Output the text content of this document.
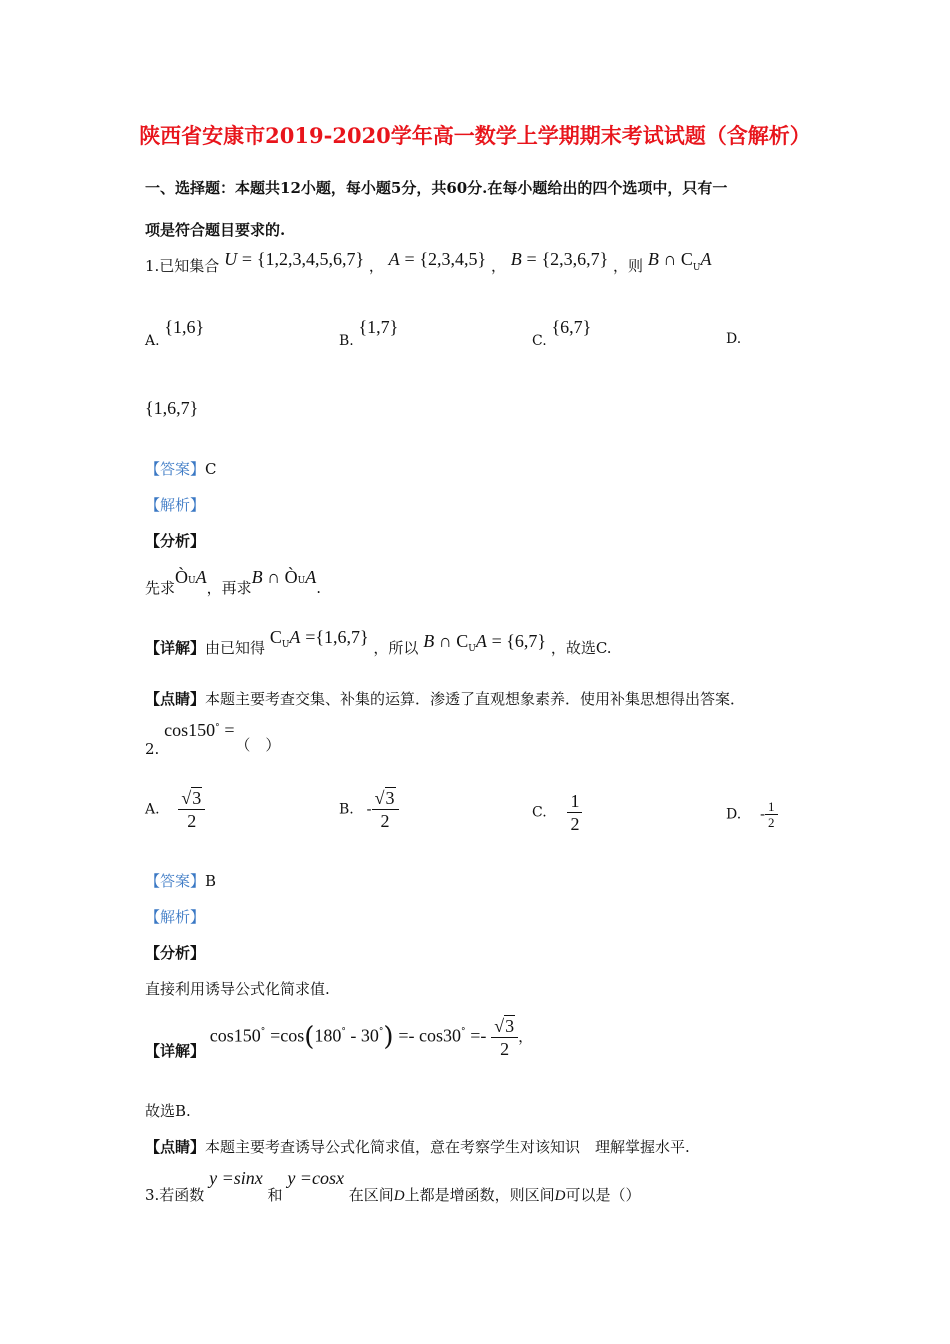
陕西省安康市2019-2020学年高一数学上学期期末考试试题（含解析）
一、选择题：本题共12小题，每小题5分，共60分.在每小题给出的四个选项中，只有一
项是符合题目要求的.
1.已知集合 U = {1,2,3,4,5,6,7} ， A = {2,3,4,5} ， B = {2,3,6,7} ，则 B ∩ CUA
A. {1,6}
B. {1,7}
C. {6,7}
D.
{1,6,7}
【答案】C
【解析】
【分析】
先求ÒUA，再求B ∩ ÒUA.
【详解】由已知得 $C_UA =\{1,6,7\}$ ，所以 B ∩ $C_UA = \{6,7\}$ ，故选C.
【点睛】本题主要考查交集、补集的运算．渗透了直观想象素养．使用补集思想得出答案．
2. cos150° = （　）
A. $\frac{√3}{2}$	B. - $\frac{√3}{2}$	C. $\frac{1}{2}$	D. - $\frac{1}{2}$
【答案】B
【解析】
【分析】
直接利用诱导公式化简求值.
【详解】 $\cos 150^\circ =\cos(180^\circ - 30^\circ) =- \cos 30^\circ =- \frac{√3}{2}$ ，
故选B.
【点睛】本题主要考查诱导公式化简求值，意在考察学生对该知识　理解掌握水平.
3.若函数 y =sinx 和 y =cosx 在区间D上都是增函数，则区间D可以是（）
